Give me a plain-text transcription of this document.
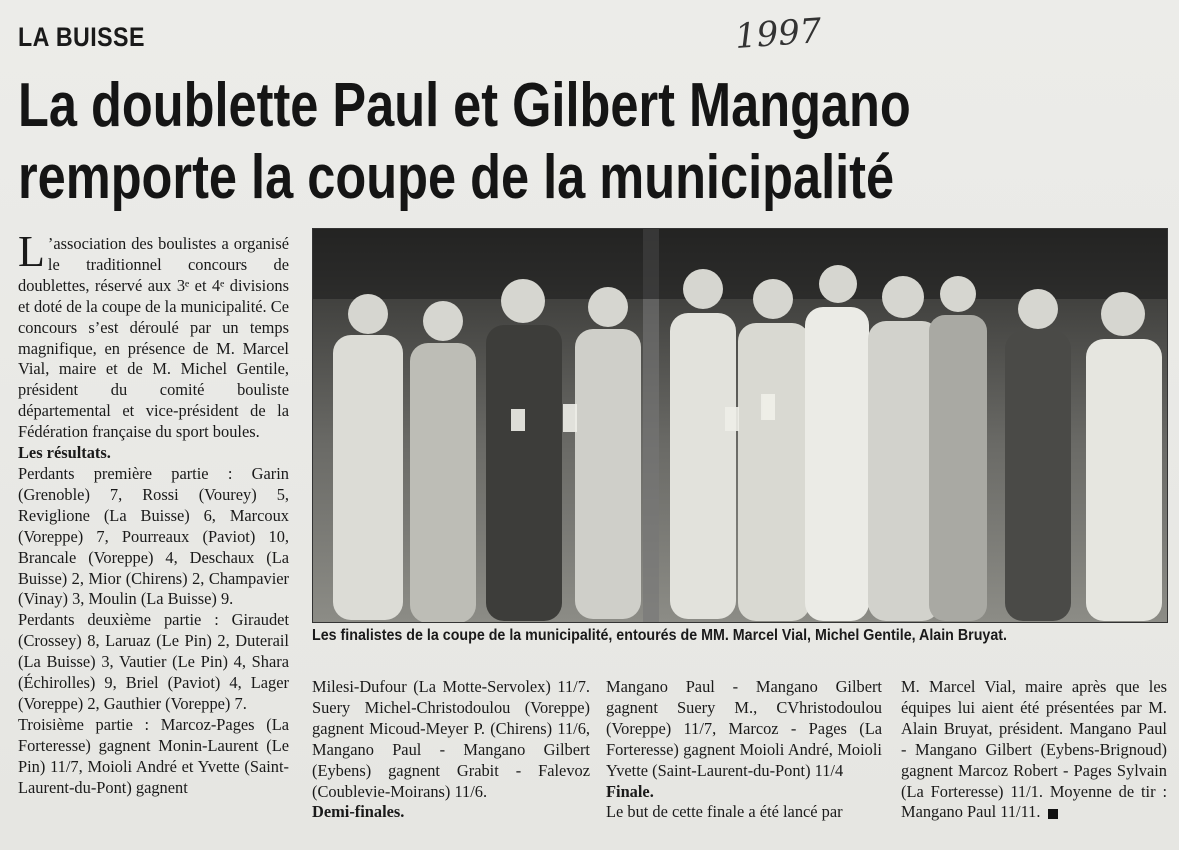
LA BUISSE	1997
La doublette Paul et Gilbert Mangano
remporte la coupe de la municipalité

L ’association des boulistes a organisé le traditionnel concours de doublettes, réservé aux 3ᵉ et 4ᵉ divisions et doté de la coupe de la municipalité. Ce concours s’est déroulé par un temps magnifique, en présence de M. Marcel Vial, maire et de M. Michel Gentile, président du comité bouliste départemental et vice-président de la Fédération française du sport boules.

Les résultats.

Perdants première partie : Garin (Grenoble) 7, Rossi (Vourey) 5, Reviglione (La Buisse) 6, Marcoux (Voreppe) 7, Pourreaux (Paviot) 10, Brancale (Voreppe) 4, Deschaux (La Buisse) 2, Mior (Chirens) 2, Champavier (Vinay) 3, Moulin (La Buisse) 9.

Perdants deuxième partie : Giraudet (Crossey) 8, Laruaz (Le Pin) 2, Duterail (La Buisse) 3, Vautier (Le Pin) 4, Shara (Échirolles) 9, Briel (Paviot) 4, Lager (Voreppe) 2, Gauthier (Voreppe) 7.

Troisième partie : Marcoz-Pages (La Forteresse) gagnent Monin-Laurent (Le Pin) 11/7, Moioli André et Yvette (Saint-Laurent-du-Pont) gagnent

Les finalistes de la coupe de la municipalité, entourés de MM. Marcel Vial, Michel Gentile, Alain Bruyat.

Milesi-Dufour (La Motte-Servolex) 11/7. Suery Michel-Christodoulou (Voreppe) gagnent Micoud-Meyer P. (Chirens) 11/6, Mangano Paul - Mangano Gilbert (Eybens) gagnent Grabit - Falevoz (Coublevie-Moirans) 11/6.

Demi-finales.

Mangano Paul - Mangano Gilbert gagnent Suery M., CVhristodoulou (Voreppe) 11/7, Marcoz - Pages (La Forteresse) gagnent Moioli André, Moioli Yvette (Saint-Laurent-du-Pont) 11/4

Finale.

Le but de cette finale a été lancé par

M. Marcel Vial, maire après que les équipes lui aient été présentées par M. Alain Bruyat, président. Mangano Paul - Mangano Gilbert (Eybens-Brignoud) gagnent Marcoz Robert - Pages Sylvain (La Forteresse) 11/1. Moyenne de tir : Mangano Paul 11/11.
